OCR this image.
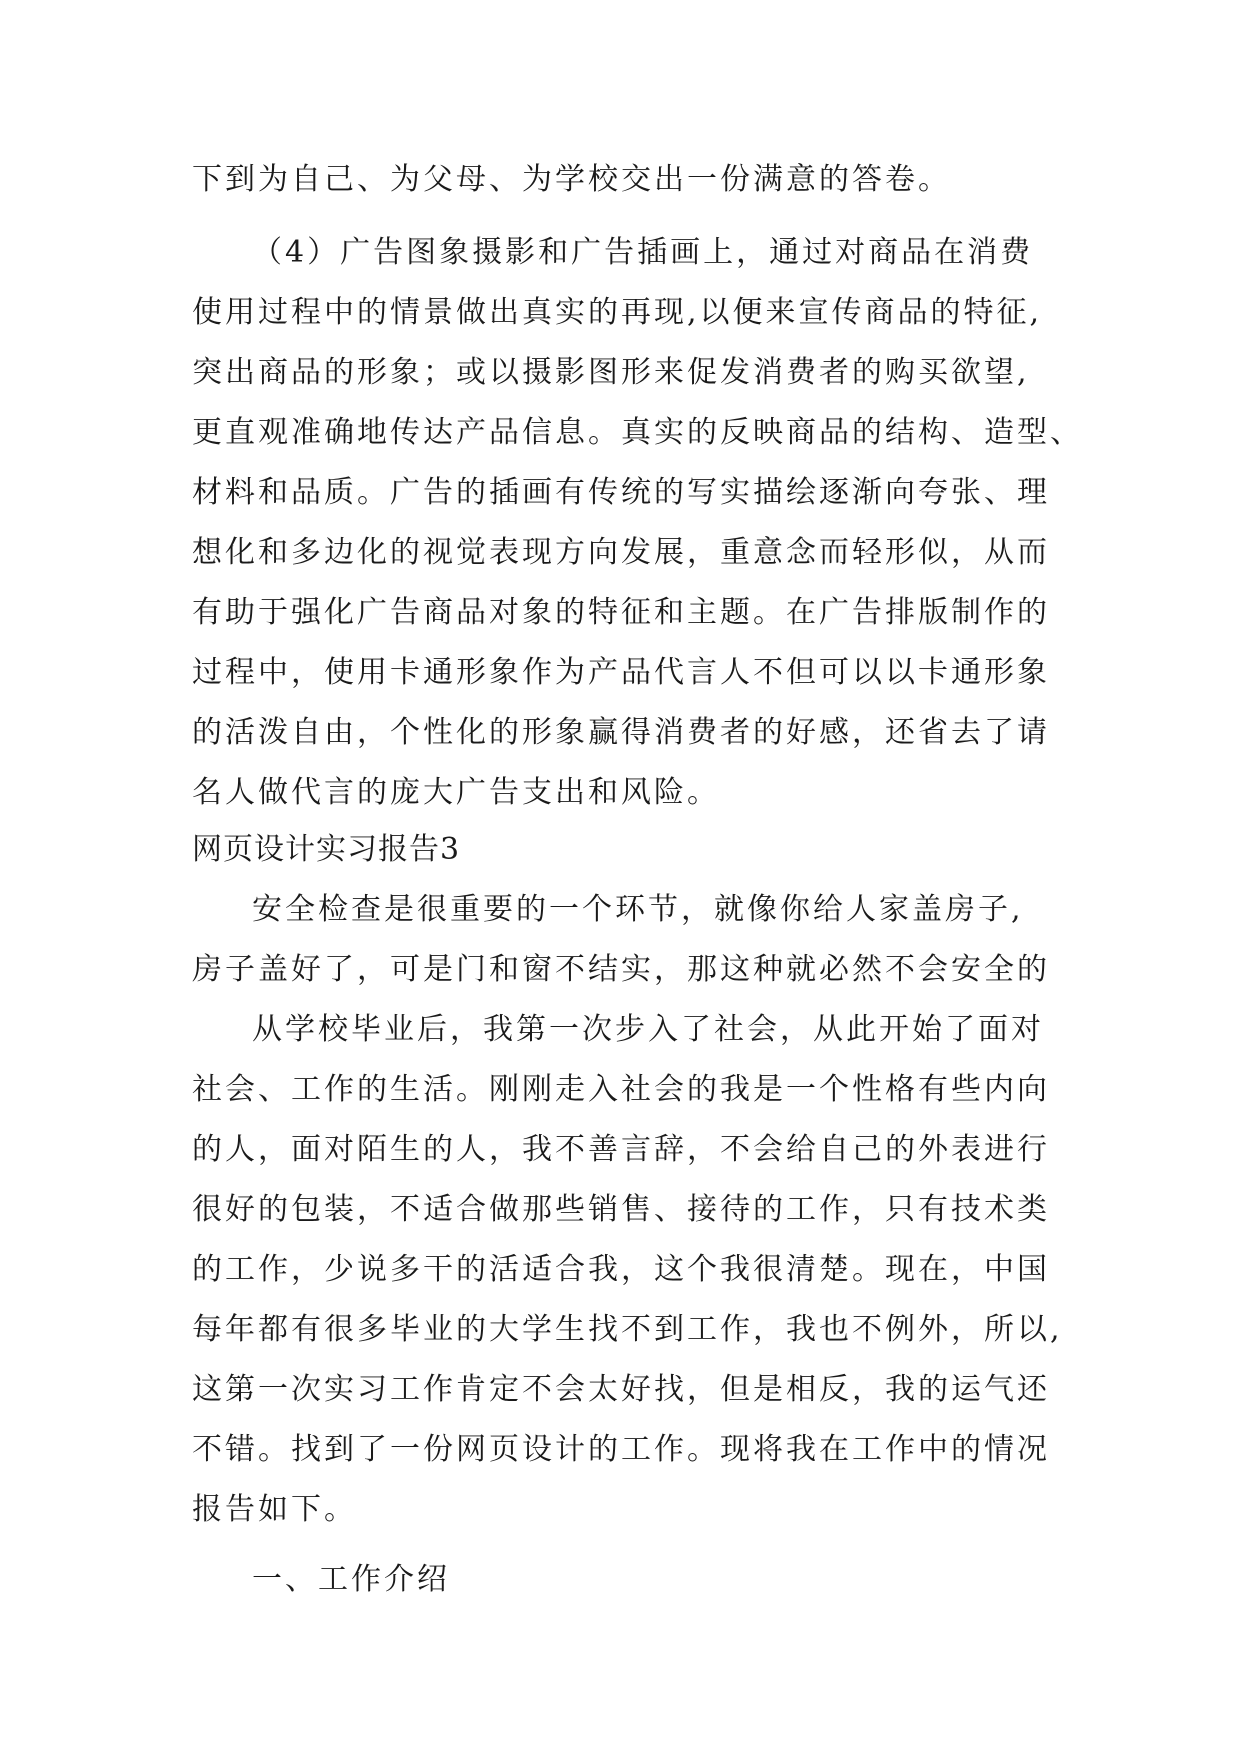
下到为自己、为父母、为学校交出一份满意的答卷。
（4）广告图象摄影和广告插画上，通过对商品在消费
使用过程中的情景做出真实的再现,以便来宣传商品的特征,
突出商品的形象；或以摄影图形来促发消费者的购买欲望,
更直观准确地传达产品信息。真实的反映商品的结构、造型、
材料和品质。广告的插画有传统的写实描绘逐渐向夸张、理
想化和多边化的视觉表现方向发展，重意念而轻形似，从而
有助于强化广告商品对象的特征和主题。在广告排版制作的
过程中，使用卡通形象作为产品代言人不但可以以卡通形象
的活泼自由，个性化的形象赢得消费者的好感，还省去了请
名人做代言的庞大广告支出和风险。
网页设计实习报告3
安全检查是很重要的一个环节，就像你给人家盖房子,
房子盖好了，可是门和窗不结实，那这种就必然不会安全的
从学校毕业后，我第一次步入了社会，从此开始了面对
社会、工作的生活。刚刚走入社会的我是一个性格有些内向
的人，面对陌生的人，我不善言辞，不会给自己的外表进行
很好的包装，不适合做那些销售、接待的工作，只有技术类
的工作，少说多干的活适合我，这个我很清楚。现在，中国
每年都有很多毕业的大学生找不到工作，我也不例外，所以,
这第一次实习工作肯定不会太好找，但是相反，我的运气还
不错。找到了一份网页设计的工作。现将我在工作中的情况
报告如下。
一、工作介绍
